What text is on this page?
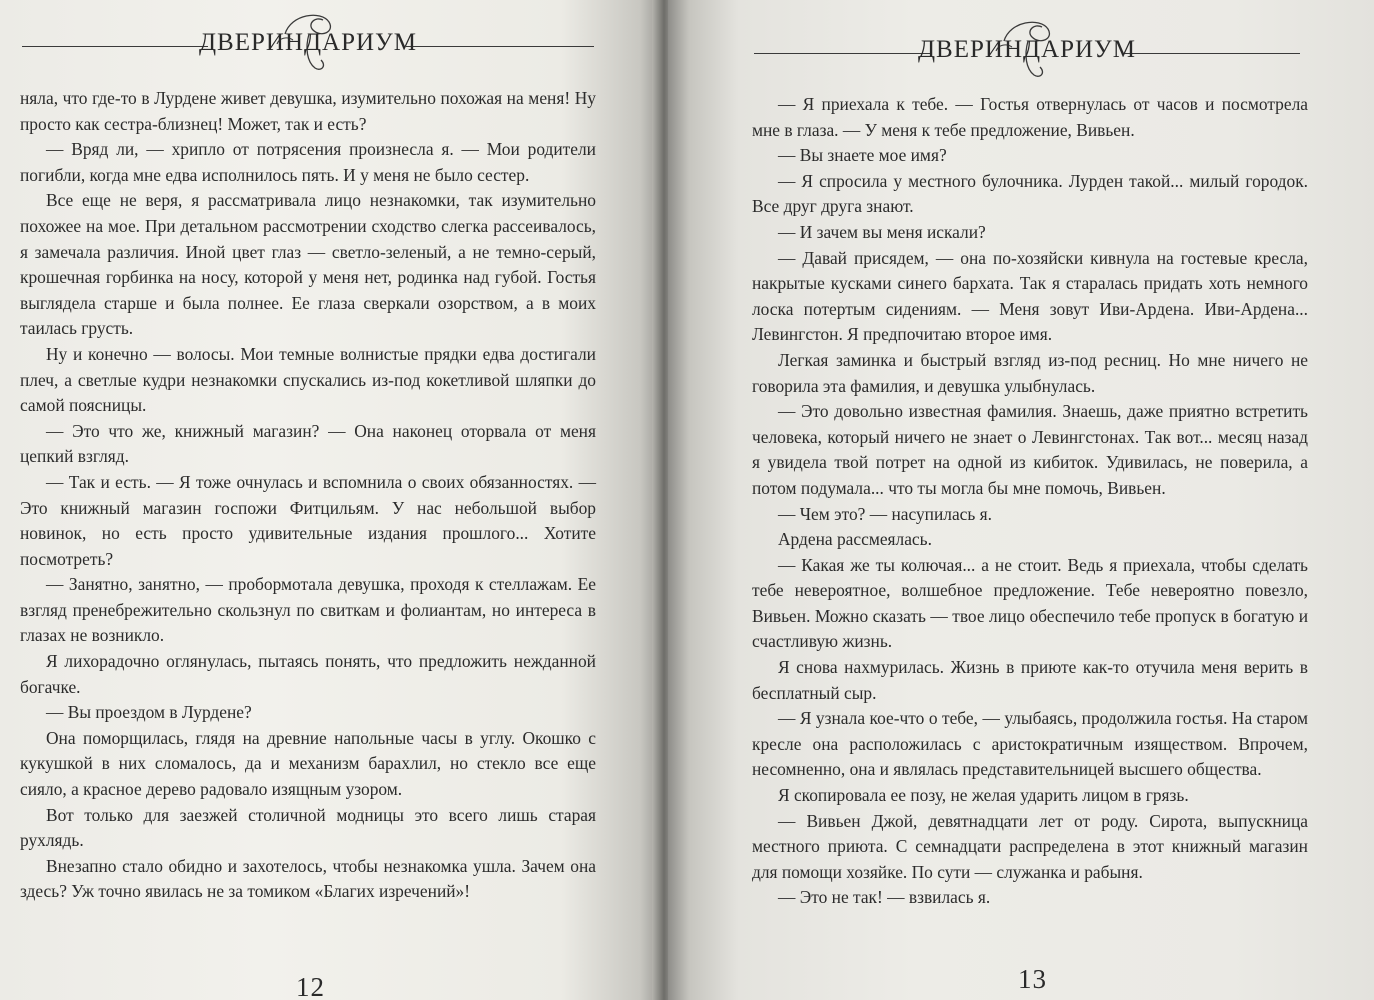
ДВЕРИНДАРИУМ

няла, что где-то в Лурдене живет девушка, изумительно похожая на меня! Ну просто как сестра-близнец! Может, так и есть?

— Вряд ли, — хрипло от потрясения произнесла я. — Мои родители погибли, когда мне едва исполнилось пять. И у меня не было сестер.

Все еще не веря, я рассматривала лицо незнакомки, так изумительно похожее на мое. При детальном рассмотрении сходство слегка рассеивалось, я замечала различия. Иной цвет глаз — светло-зеленый, а не темно-серый, крошечная горбинка на носу, которой у меня нет, родинка над губой. Гостья выглядела старше и была полнее. Ее глаза сверкали озорством, а в моих таилась грусть.

Ну и конечно — волосы. Мои темные волнистые прядки едва достигали плеч, а светлые кудри незнакомки спускались из-под кокетливой шляпки до самой поясницы.

— Это что же, книжный магазин? — Она наконец оторвала от меня цепкий взгляд.

— Так и есть. — Я тоже очнулась и вспомнила о своих обязанностях. — Это книжный магазин госпожи Фитцильям. У нас небольшой выбор новинок, но есть просто удивительные издания прошлого... Хотите посмотреть?

— Занятно, занятно, — пробормотала девушка, проходя к стеллажам. Ее взгляд пренебрежительно скользнул по свиткам и фолиантам, но интереса в глазах не возникло.

Я лихорадочно оглянулась, пытаясь понять, что предложить нежданной богачке.

— Вы проездом в Лурдене?

Она поморщилась, глядя на древние напольные часы в углу. Окошко с кукушкой в них сломалось, да и механизм барахлил, но стекло все еще сияло, а красное дерево радовало изящным узором.

Вот только для заезжей столичной модницы это всего лишь старая рухлядь.

Внезапно стало обидно и захотелось, чтобы незнакомка ушла. Зачем она здесь? Уж точно явилась не за томиком «Благих изречений»!

12
ДВЕРИНДАРИУМ

— Я приехала к тебе. — Гостья отвернулась от часов и посмотрела мне в глаза. — У меня к тебе предложение, Вивьен.

— Вы знаете мое имя?

— Я спросила у местного булочника. Лурден такой... милый городок. Все друг друга знают.

— И зачем вы меня искали?

— Давай присядем, — она по-хозяйски кивнула на гостевые кресла, накрытые кусками синего бархата. Так я старалась придать хоть немного лоска потертым сидениям. — Меня зовут Иви-Ардена. Иви-Ардена... Левингстон. Я предпочитаю второе имя.

Легкая заминка и быстрый взгляд из-под ресниц. Но мне ничего не говорила эта фамилия, и девушка улыбнулась.

— Это довольно известная фамилия. Знаешь, даже приятно встретить человека, который ничего не знает о Левингстонах. Так вот... месяц назад я увидела твой потрет на одной из кибиток. Удивилась, не поверила, а потом подумала... что ты могла бы мне помочь, Вивьен.

— Чем это? — насупилась я.

Ардена рассмеялась.

— Какая же ты колючая... а не стоит. Ведь я приехала, чтобы сделать тебе невероятное, волшебное предложение. Тебе невероятно повезло, Вивьен. Можно сказать — твое лицо обеспечило тебе пропуск в богатую и счастливую жизнь.

Я снова нахмурилась. Жизнь в приюте как-то отучила меня верить в бесплатный сыр.

— Я узнала кое-что о тебе, — улыбаясь, продолжила гостья. На старом кресле она расположилась с аристократичным изяществом. Впрочем, несомненно, она и являлась представительницей высшего общества.

Я скопировала ее позу, не желая ударить лицом в грязь.

— Вивьен Джой, девятнадцати лет от роду. Сирота, выпускница местного приюта. С семнадцати распределена в этот книжный магазин для помощи хозяйке. По сути — служанка и рабыня.

— Это не так! — взвилась я.

13
